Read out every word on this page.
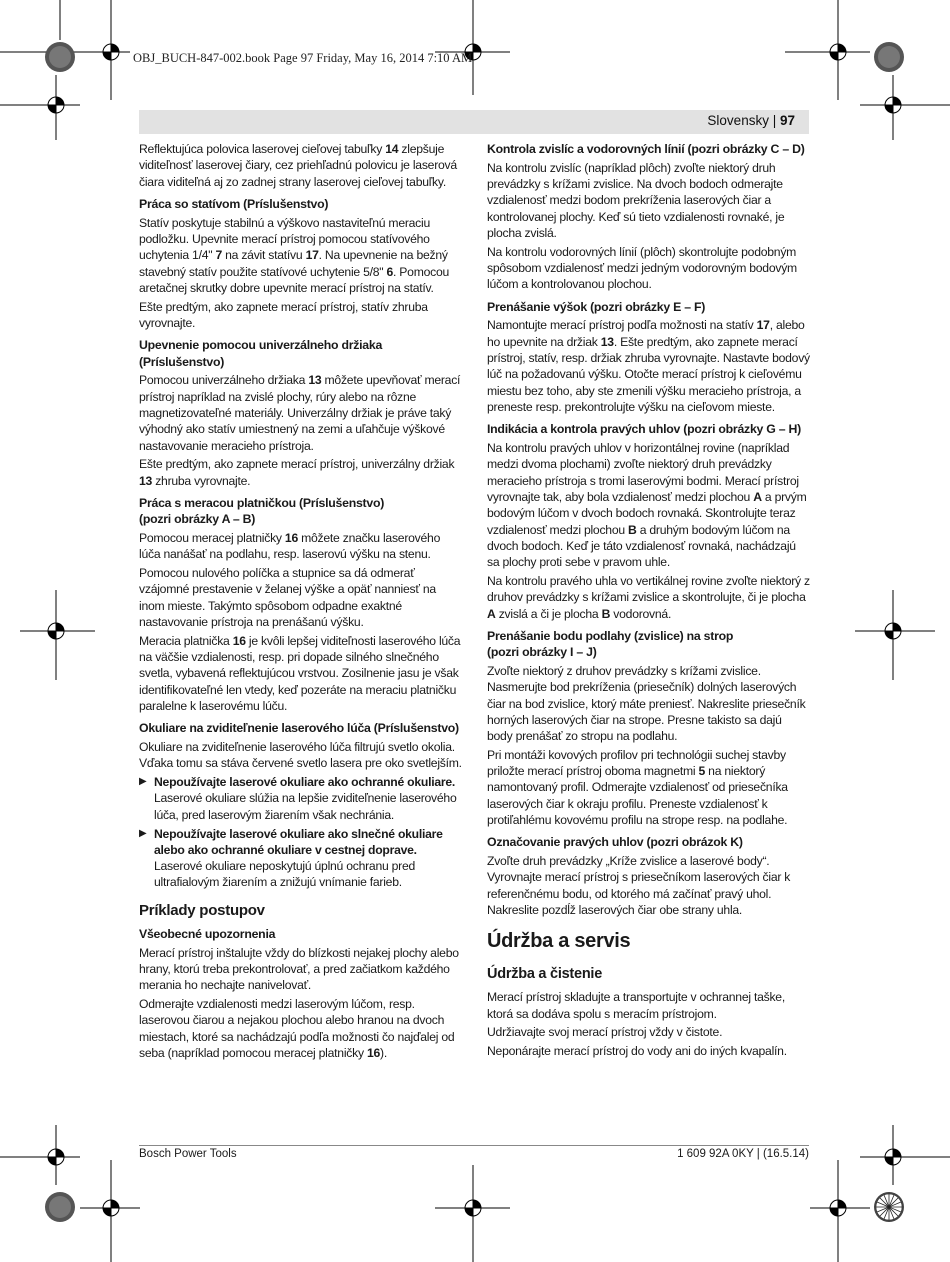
OBJ_BUCH-847-002.book Page 97 Friday, May 16, 2014 7:10 AM
Slovensky | 97

Reflektujúca polovica laserovej cieľovej tabuľky 14 zlepšuje viditeľnosť laserovej čiary, cez priehľadnú polovicu je laserová čiara viditeľná aj zo zadnej strany laserovej cieľovej tabuľky.

Práca so statívom (Príslušenstvo)

Statív poskytuje stabilnú a výškovo nastaviteľnú meraciu podložku. Upevnite merací prístroj pomocou statívového uchytenia 1/4" 7 na závit statívu 17. Na upevnenie na bežný stavebný statív použite statívové uchytenie 5/8" 6. Pomocou aretačnej skrutky dobre upevnite merací prístroj na statív.

Ešte predtým, ako zapnete merací prístroj, statív zhruba vyrovnajte.

Upevnenie pomocou univerzálneho držiaka
(Príslušenstvo)

Pomocou univerzálneho držiaka 13 môžete upevňovať merací prístroj napríklad na zvislé plochy, rúry alebo na rôzne magnetizovateľné materiály. Univerzálny držiak je práve taký výhodný ako statív umiestnený na zemi a uľahčuje výškové nastavovanie meracieho prístroja.

Ešte predtým, ako zapnete merací prístroj, univerzálny držiak 13 zhruba vyrovnajte.

Práca s meracou platničkou (Príslušenstvo)
(pozri obrázky A – B)

Pomocou meracej platničky 16 môžete značku laserového lúča nanášať na podlahu, resp. laserovú výšku na stenu.

Pomocou nulového políčka a stupnice sa dá odmerať vzájomné prestavenie v želanej výške a opäť nanniesť na inom mieste. Takýmto spôsobom odpadne exaktné nastavovanie prístroja na prenášanú výšku.

Meracia platnička 16 je kvôli lepšej viditeľnosti laserového lúča na väčšie vzdialenosti, resp. pri dopade silného slnečného svetla, vybavená reflektujúcou vrstvou. Zosilnenie jasu je však identifikovateľné len vtedy, keď pozeráte na meraciu platničku paralelne k laserovému lúču.

Okuliare na zviditeľnenie laserového lúča (Príslušenstvo)

Okuliare na zviditeľnenie laserového lúča filtrujú svetlo okolia. Vďaka tomu sa stáva červené svetlo lasera pre oko svetlejším.

▶ Nepoužívajte laserové okuliare ako ochranné okuliare. Laserové okuliare slúžia na lepšie zviditeľnenie laserového lúča, pred laserovým žiarením však nechránia.
▶ Nepoužívajte laserové okuliare ako slnečné okuliare alebo ako ochranné okuliare v cestnej doprave. Laserové okuliare neposkytujú úplnú ochranu pred ultrafialovým žiarením a znižujú vnímanie farieb.
Príklady postupov
Všeobecné upozornenia

Merací prístroj inštalujte vždy do blízkosti nejakej plochy alebo hrany, ktorú treba prekontrolovať, a pred začiatkom každého merania ho nechajte nanivelovať.

Odmerajte vzdialenosti medzi laserovým lúčom, resp. laserovou čiarou a nejakou plochou alebo hranou na dvoch miestach, ktoré sa nachádzajú podľa možnosti čo najďalej od seba (napríklad pomocou meracej platničky 16).

Kontrola zvislíc a vodorovných línií (pozri obrázky C – D)

Na kontrolu zvislíc (napríklad plôch) zvoľte niektorý druh prevádzky s krížami zvislice. Na dvoch bodoch odmerajte vzdialenosť medzi bodom prekríženia laserových čiar a kontrolovanej plochy. Keď sú tieto vzdialenosti rovnaké, je plocha zvislá.

Na kontrolu vodorovných línií (plôch) skontrolujte podobným spôsobom vzdialenosť medzi jedným vodorovným bodovým lúčom a kontrolovanou plochou.

Prenášanie výšok (pozri obrázky E – F)

Namontujte merací prístroj podľa možnosti na statív 17, alebo ho upevnite na držiak 13. Ešte predtým, ako zapnete merací prístroj, statív, resp. držiak zhruba vyrovnajte. Nastavte bodový lúč na požadovanú výšku. Otočte merací prístroj k cieľovému miestu bez toho, aby ste zmenili výšku meracieho prístroja, a preneste resp. prekontrolujte výšku na cieľovom mieste.

Indikácia a kontrola pravých uhlov (pozri obrázky G – H)

Na kontrolu pravých uhlov v horizontálnej rovine (napríklad medzi dvoma plochami) zvoľte niektorý druh prevádzky meracieho prístroja s tromi laserovými bodmi. Merací prístroj vyrovnajte tak, aby bola vzdialenosť medzi plochou A a prvým bodovým lúčom v dvoch bodoch rovnaká. Skontrolujte teraz vzdialenosť medzi plochou B a druhým bodovým lúčom na dvoch bodoch. Keď je táto vzdialenosť rovnaká, nachádzajú sa plochy proti sebe v pravom uhle.

Na kontrolu pravého uhla vo vertikálnej rovine zvoľte niektorý z druhov prevádzky s krížami zvislice a skontrolujte, či je plocha A zvislá a či je plocha B vodorovná.

Prenášanie bodu podlahy (zvislice) na strop
(pozri obrázky I – J)

Zvoľte niektorý z druhov prevádzky s krížami zvislice. Nasmerujte bod prekríženia (priesečník) dolných laserových čiar na bod zvislice, ktorý máte preniesť. Nakreslite priesečník horných laserových čiar na strope. Presne takisto sa dajú body prenášať zo stropu na podlahu.

Pri montáži kovových profilov pri technológii suchej stavby priložte merací prístroj oboma magnetmi 5 na niektorý namontovaný profil. Odmerajte vzdialenosť od priesečníka laserových čiar k okraju profilu. Preneste vzdialenosť k protiľahlému kovovému profilu na strope resp. na podlahe.

Označovanie pravých uhlov (pozri obrázok K)

Zvoľte druh prevádzky „Kríže zvislice a laserové body“. Vyrovnajte merací prístroj s priesečníkom laserových čiar k referenčnému bodu, od ktorého má začínať pravý uhol. Nakreslite pozdĺž laserových čiar obe strany uhla.

Údržba a servis
Údržba a čistenie

Merací prístroj skladujte a transportujte v ochrannej taške, ktorá sa dodáva spolu s meracím prístrojom.

Udržiavajte svoj merací prístroj vždy v čistote.

Neponárajte merací prístroj do vody ani do iných kvapalín.

Bosch Power Tools	1 609 92A 0KY | (16.5.14)
